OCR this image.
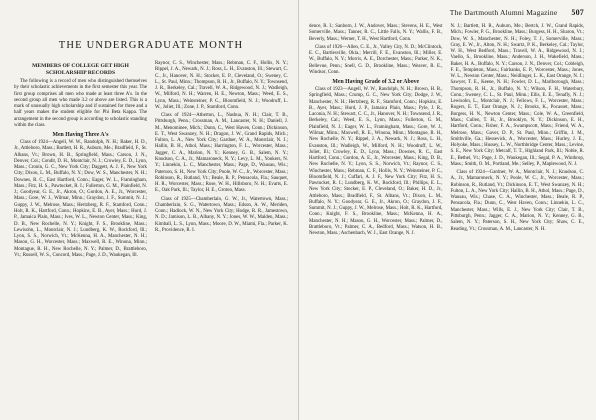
THE UNDERGRADUATE MONTH
MEMBERS OF COLLEGE GET HIGH SCHOLARSHIP RECORDS

The following is a record of men who distinguished themselves by their scholastic achievements in the first semester this year. The first group comprises all men who made at least three A's. In the second group all men who made 3.2 or above are listed. This is a mark of unusually high scholarship and if sustained for three and a half years makes the student eligible for Phi Beta Kappa. The arrangement in the second group is according to scholastic standing within the class.

Men Having Three A's

Class of 1924—Angell, W. W., Randolph, N. H.; Baker, H. D., Jr., Attleboro, Mass.; Bartlett, H. R., Auburn, Me.; Bradfield, F., St. Albans, Vt.; Brown, H. B., Springfield, Mass.; Carson, J. N., Denver, Col.; Condit, D. H., Montclair, N. J.; Crowley, E. D., Lynn, Mass.; Cronin, G. C., New York City; Daggett, A. J. F., New York City; Dixon, L. M., Buffalo, N. Y.; Dow, W. S., Manchester, N. H.; Downes, R. C., East Hartford, Conn.; Eager, W. L., Framingham, Mass.; Fitz, H. S., Pawtucket, R. I.; Fullerton, G. M., Plainfield, N. J.; Goodyear, G. E., Jr., Akron, O.; Gordon, A. E., Jr., Worcester, Mass.; Gore, W. J., Wilmar, Minn.; Graydon, J. F., Summit, N. J.; Guppy, J. W., Melrose, Mass.; Hertzberg, R. F., Stamford, Conn.; Holt, R. K., Hartford, Conn.; Hopkins, E. B., Ayer, Mass.; Hurd, J. P., Jamaica Plain, Mass.; Ives, W. L., Newton Center, Mass.; King, D. B., New Rochelle, N. Y.; Knight, F. S., Brookline, Mass.; Lewisohn, L., Montclair, N. J.; Lundberg, K. W., Rockford, Ill.; Lyon, S. S., Norwich, Vt.; McKenna, H. A., Manchester, N. H.; Mason, G. H., Worcester, Mass.; Maxwell, R. E., Winona, Minn.; Montague, R. H., New Rochelle, N. Y.; Palmer, D., Brattleboro, Vt.; Russell, W. S., Concord, Mass.; Page, J. D., Waukegan, Ill.

Raynor, C. S., Winchester, Mass.; Rebman, C. F., Hollis, N. Y.; Rippel, J. A., Newark, N. J.; Ross, L. H., Evanston, Ill.; Stewart, C. C., Jr., Hanover, N. H.; Stocker, E. P., Cleveland, O.; Sweney, C. L., St. Paul, Minn.; Thompson, R. H., Jr., Buffalo, N. Y.; Townsend, J. R., Berkeley, Cal.; Travell, W. A., Ridgewood, N. J.; Wadleigh, W., Milford, N. H.; Warren, H. E., Newton, Mass.; Weed, E. S., Lynn, Mass.; Weinsteiner, P. C., Bloomfield, N. J.; Woodruff, L. W., Joliet, Ill.; Zone, J. P., Stamford, Conn.

Class of 1924—Atherton, L., Nashua, N. H.; Clair, T. B., Pittsburgh, Penn.; Crossman, A. M., Lancaster, N. H.; Daniell, J. M., Menominee, Mich.; Dunn, C., West Haven, Conn.; Dickinson, E. T., West Swanzey, N. H.; Dragon, J. W., Grand Rapids, Mich.; Fulton, L. A., New York City; Gardner, W. A., Montclair, N. J.; Hallin, B. H., Athol, Mass.; Harrington, F. L., Worcester, Mass.; Jagger, C. A., Marion, N. Y.; Kenney, G. B., Salem, N. Y.; Knudson, C. A., Jr., Mamaroneck, N. Y.; Levy, L. M., Yonkers, N. Y.; Linnekin, L. C., Manchester, Mass.; Page, D., Wausau, Wis.; Paterson, S. H., New York City; Poole, W. C., Jr., Worcester, Mass.; Robinson, R., Rutland, Vt.; Beale, R. P., Pensacola, Fla.; Sauquet, H. R., Worcester, Mass.; Rose, W. H., Hillsboro, N. H.; Evarts, E. E., Oak Park, Ill.; Taylor, H. E., Groton, Mass.

Class of 1925—Chamberlain, G. W., Jr., Watertown, Mass.; Chamberlain, S. G., Watertown, Mass.; Edson, A. W., Meriden, Conn.; Hadlock, W. N., New York City; Hodge, R. R., Jamestown, N. D.; Jamison, L. B., Albany, N. Y.; Jones, W. W., Malden, Mass.; Kimball, L. S., Lynn, Mass.; Moore, D. W., Miami, Fla.; Parker, K. R., Providence, R. I.

The Dartmouth Alumni Magazine 507

dence, R. I.; Sanborn, J. W., Andover, Mass.; Stevens, H. E., West Somerville, Mass.; Tanner, R. C., Little Falls, N. Y.; Wallis, F. B., Beverly, Mass.; Werner, T. H., West Hartford, Conn.

Class of 1926—Allen, C. E., Jr., Valley City, N. D.; McClintock, E. C., Bartlesville, Okla.; Merrill, F. E., Evanston, Ill.; Miller, E. W., Buffalo, N. Y.; Morris, A. E., Dorchester, Mass.; Parker, N. K., Bellevue, Penn.; Snell, G. D., Brookline, Mass.; Weaver, R. E., Windsor, Conn.

Men Having Grade of 3.2 or Above

Class of 1923—Angell, W. W., Randolph, N. H.; Brown, H. B., Springfield, Mass.; Crump, G. C., New York City; Dodge, J. W., Manchester, N. H.; Hertzberg, R. F., Stamford, Conn.; Hopkins, E. B., Ayer, Mass.; Hurd, J. P., Jamaica Plain, Mass.; Pyle, J. R., Laconia, N. H.; Stewart, C. C., Jr., Hanover, N. H.; Townsend, J. R., Berkeley, Cal.; Weed, E. S., Lynn, Mass.; Fullerton, G. M., Plainfield, N. J.; Eager, W. L., Framingham, Mass.; Gore, W. J., Wilmar, Minn.; Maxwell, R. E., Winona, Minn.; Montague, R. H., New Rochelle, N. Y.; Rippel, J. A., Newark, N. J.; Ross, L. H., Evanston, Ill.; Wadleigh, W., Milford, N. H.; Woodruff, L. W., Joliet, Ill.; Crowley, E. D., Lynn, Mass.; Downes, R. C., East Hartford, Conn.; Gordon, A. E., Jr., Worcester, Mass.; King, D. B., New Rochelle, N. Y.; Lyon, S. S., Norwich, Vt.; Raynor, C. S., Winchester, Mass.; Rebman, C. F., Hollis, N. Y.; Weinsteiner, P. C., Bloomfield, N. J.; Cuffari, A. J. F., New York City; Fitz, H. S., Pawtucket, R. I.; Lundberg, K. W., Rockford, Ill.; Phillips, E. L., New York City; Stocker, E. P., Cleveland, O.; Baker, H. D., Jr., Attleboro, Mass.; Bradfield, F., St. Albans, Vt.; Dixon, L. M., Buffalo, N. Y.; Goodyear, G. E., Jr., Akron, O.; Graydon, J. F., Summit, N. J.; Guppy, J. W., Melrose, Mass.; Holt, R. K., Hartford, Conn.; Knight, F. S., Brookline, Mass.; McKenna, H. A., Manchester, N. H.; Mason, G. H., Worcester, Mass.; Palmer, D., Brattleboro, Vt.; Palmer, C. A., Bedford, Mass.; Watson, H. B., Newton, Mass.; Aschenbach, W. J., East Orange, N. J.

N. J.; Bartlett, H. R., Auburn, Me.; Bertch, J. W., Grand Rapids, Mich.; Fowler, P. G., Brookline, Mass.; Burgess, H. H., Sharon, Vt.; Dow, W. S., Manchester, N. H.; Foley, T. J., Somerville, Mass.; Gray, E. W., Jr., Alton, N. H.; Swartz, P. K., Berkeley, Cal.; Taylor, W. H., West Bedford, Mass.; Travell, W. A., Ridgewood, N. J.; Vaello, S., Brookline, Mass.; Anderson, J. H., Wakefield, Mass.; Baker, H. A., Buffalo, N. Y.; Carson, J. N., Denver, Col.; Cobleigh, F. E., Templeton, Mass.; Fairbanks, E. P., Worcester, Mass.; Jones, W. L., Newton Center, Mass.; Neidlinger, L. K., East Orange, N. J.; Sawyer, T. E., Keene, N. H.; Fowler, D. L., Marlborough, Mass.; Thompson, R. H., Jr., Buffalo, N. Y.; Wilson, F. H., Waterbury, Conn.; Sweney, C. L., St. Paul, Minn.; Ellis, E. E., Tenafly, N. J.; Lewisohn, L., Montclair, N. J.; Fellows, F. L., Worcester, Mass.; Rogers, E. T., East Orange, N. J.; Brooks, K., Pocasset, Mass.; Burgess, H. N., Newton Center, Mass.; Cole, W. A., Greenfield, Mass.; Cullen, T. H., Jr., Brooklyn, N. Y.; Dickinson, E. H., Hartford, Conn.; Fisher, F. A., Swampscott, Mass.; Friend, W. A., Melrose, Mass.; Gaver, D. P., St. Paul, Minn.; Griffin, J. M., Smithville, Ga.; Hessevick, A., Worcester, Mass.; Hurley, J. E., Holyoke, Mass.; Hussey, L. W., Northbridge Center, Mass.; Levine, S. E., New York City; Metcalf, T. T., Highland Park, Ill.; Noble, R. E., Bethel, Vt.; Page, J. D., Waukegan, Ill.; Segal, P. A., Winthrop, Mass.; Smith, O. M., Portland, Me.; Selley, P., Maplewood, N. J.

Class of 1924—Gardner, W. A., Montclair, N. J.; Knudson, C. A., Jr., Mamaroneck, N. Y.; Poole, W. C., Jr., Worcester, Mass.; Robinson, R., Rutland, Vt.; Dickinson, E. T., West Swanzey, N. H.; Fulton, L. A., New York City; Hallin, B. H., Athol, Mass.; Page, D., Wausau, Wis.; Chase, C. A., Winchester, Mass.; Beale, R. P., Pensacola, Fla.; Dunn, C., West Haven, Conn.; Linnekin, L. C., Manchester, Mass.; Wills, E. J., New York City; Clair, T. B., Pittsburgh, Penn.; Jagger, C. A., Marion, N. Y.; Kenney, G. B., Salem, N. Y.; Paterson, S. H., New York City; Shaw, C. E., Reading, Vt.; Crossman, A. M., Lancaster, N. H.
